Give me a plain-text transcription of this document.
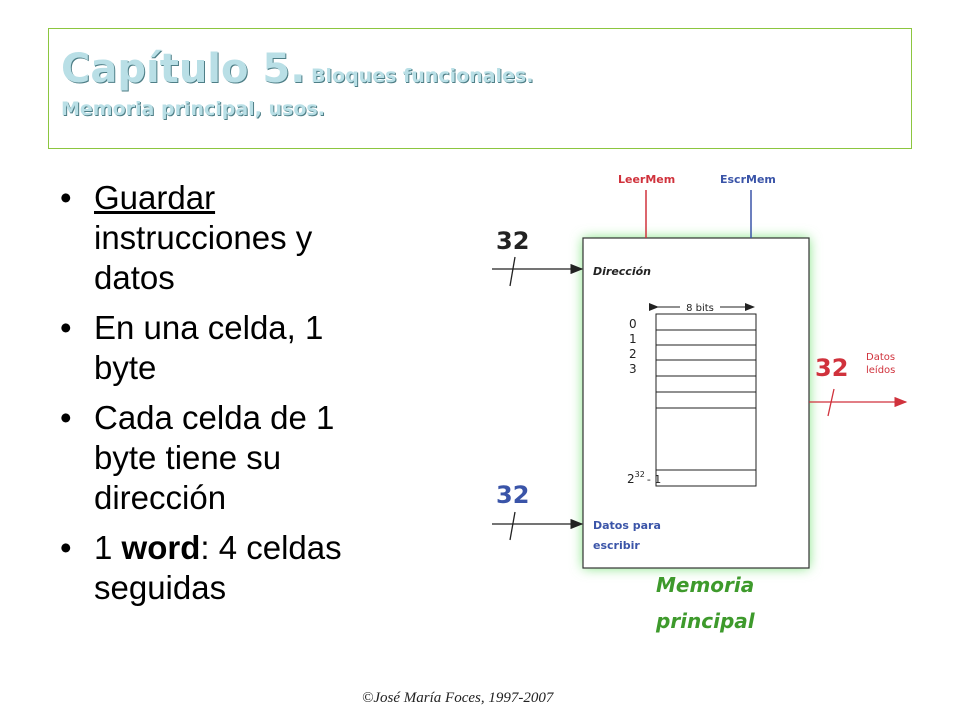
Capítulo 5. Bloques funcionales.
Memoria principal, usos.
• Guardar
instrucciones y
datos
• En una celda, 1
byte
• Cada celda de 1
byte tiene su
dirección
• 1 word: 4 celdas
seguidas
LeerMem	EscrMem
32
Dirección
8 bits
0
1
2
3
$2^{32} - 1$
32 Datos
leídos
32
Datos para
escribir
Memoria
principal
©José María Foces, 1997-2007
